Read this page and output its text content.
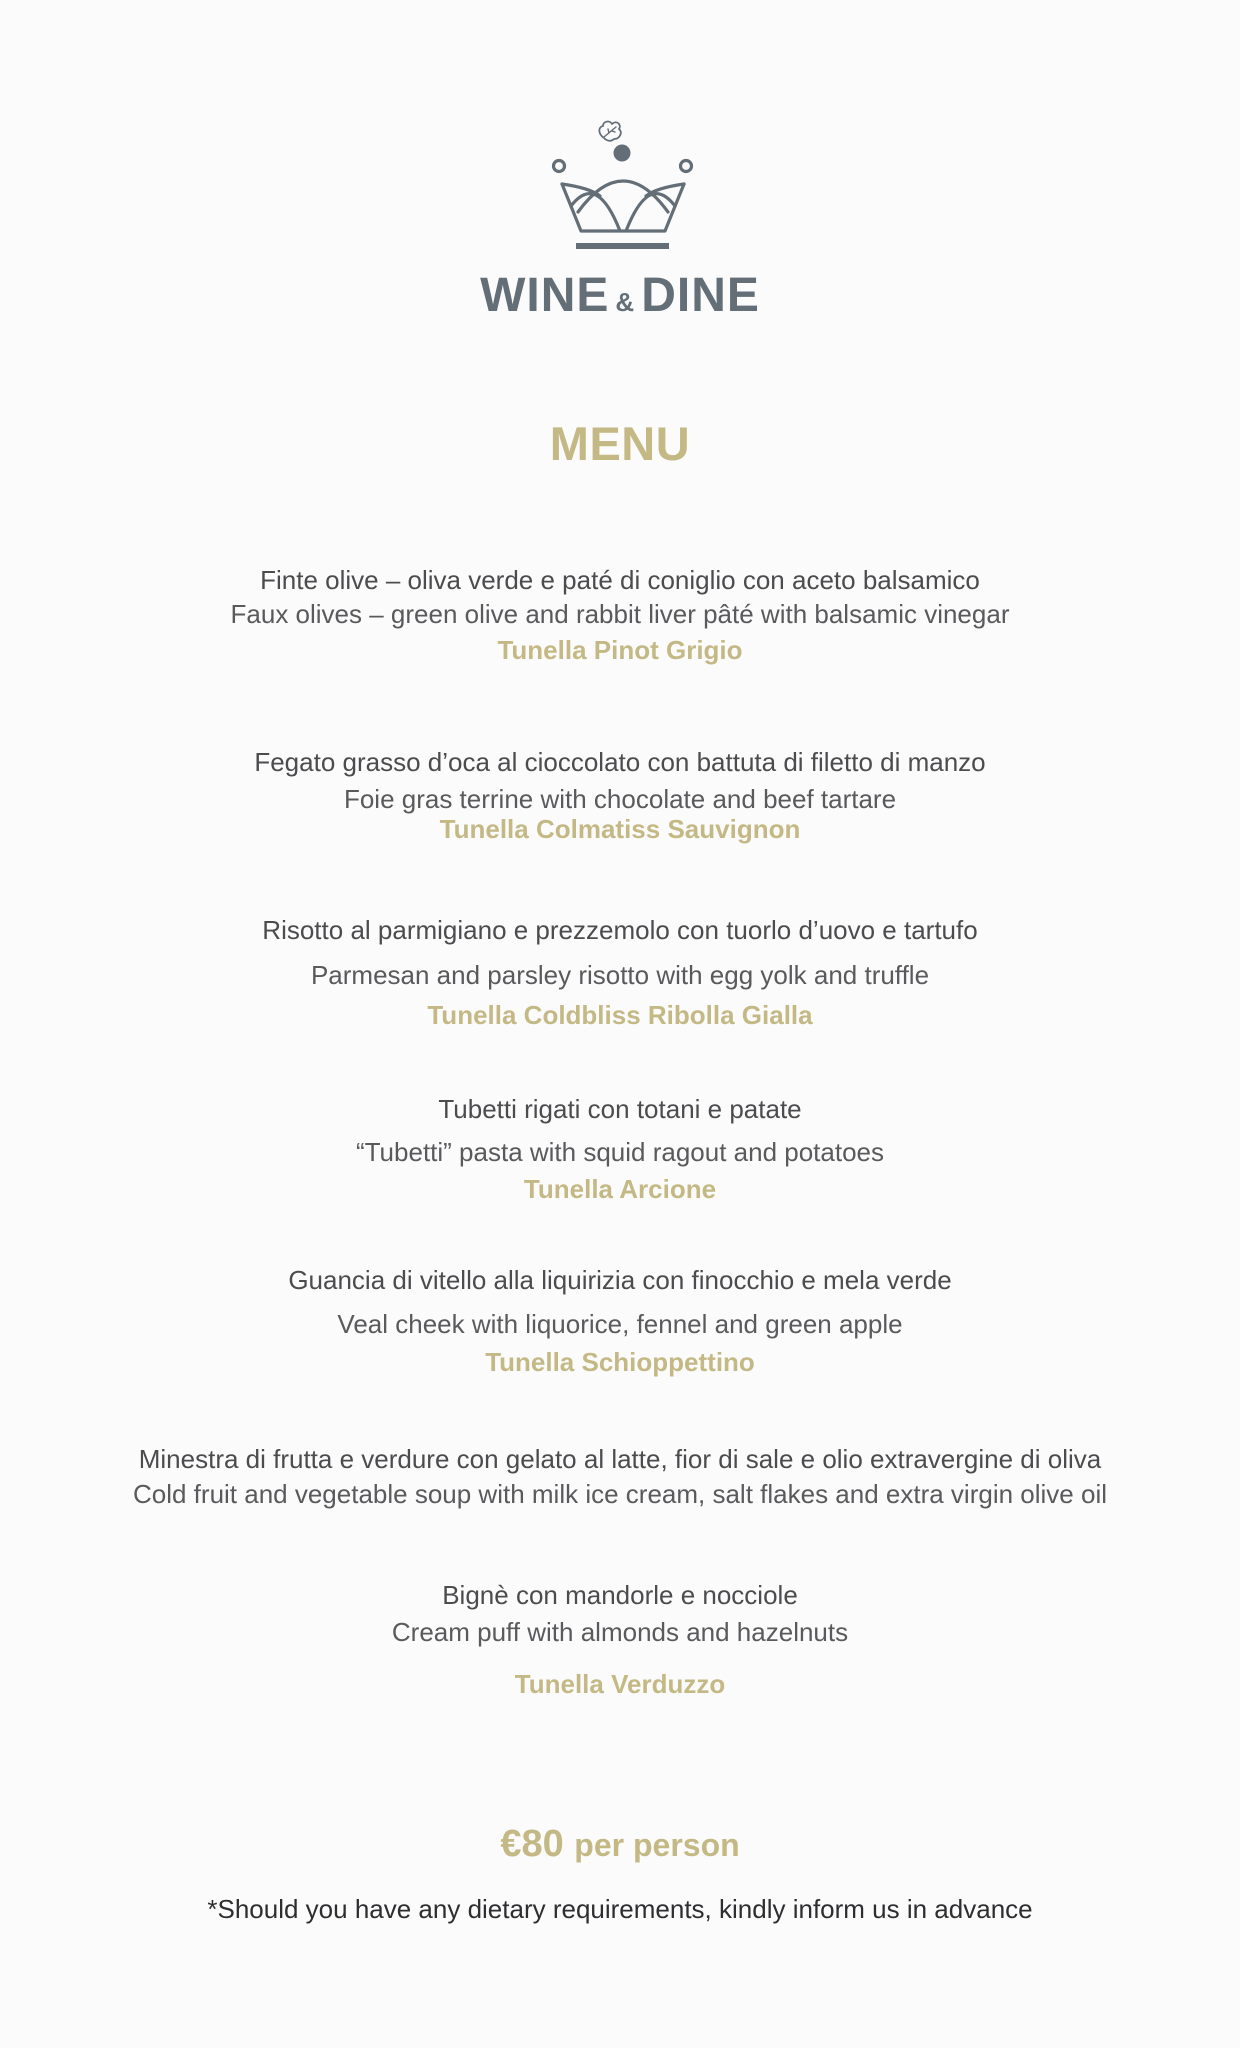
WINE & DINE
MENU
Finte olive – oliva verde e paté di coniglio con aceto balsamico
Faux olives – green olive and rabbit liver pâté with balsamic vinegar
Tunella Pinot Grigio
Fegato grasso d’oca al cioccolato con battuta di filetto di manzo
Foie gras terrine with chocolate and beef tartare
Tunella Colmatiss Sauvignon
Risotto al parmigiano e prezzemolo con tuorlo d’uovo e tartufo
Parmesan and parsley risotto with egg yolk and truffle
Tunella Coldbliss Ribolla Gialla
Tubetti rigati con totani e patate
“Tubetti” pasta with squid ragout and potatoes
Tunella Arcione
Guancia di vitello alla liquirizia con finocchio e mela verde
Veal cheek with liquorice, fennel and green apple
Tunella Schioppettino
Minestra di frutta e verdure con gelato al latte, fior di sale e olio extravergine di oliva
Cold fruit and vegetable soup with milk ice cream, salt flakes and extra virgin olive oil
Bignè con mandorle e nocciole
Cream puff with almonds and hazelnuts
Tunella Verduzzo
€80 per person
*Should you have any dietary requirements, kindly inform us in advance
